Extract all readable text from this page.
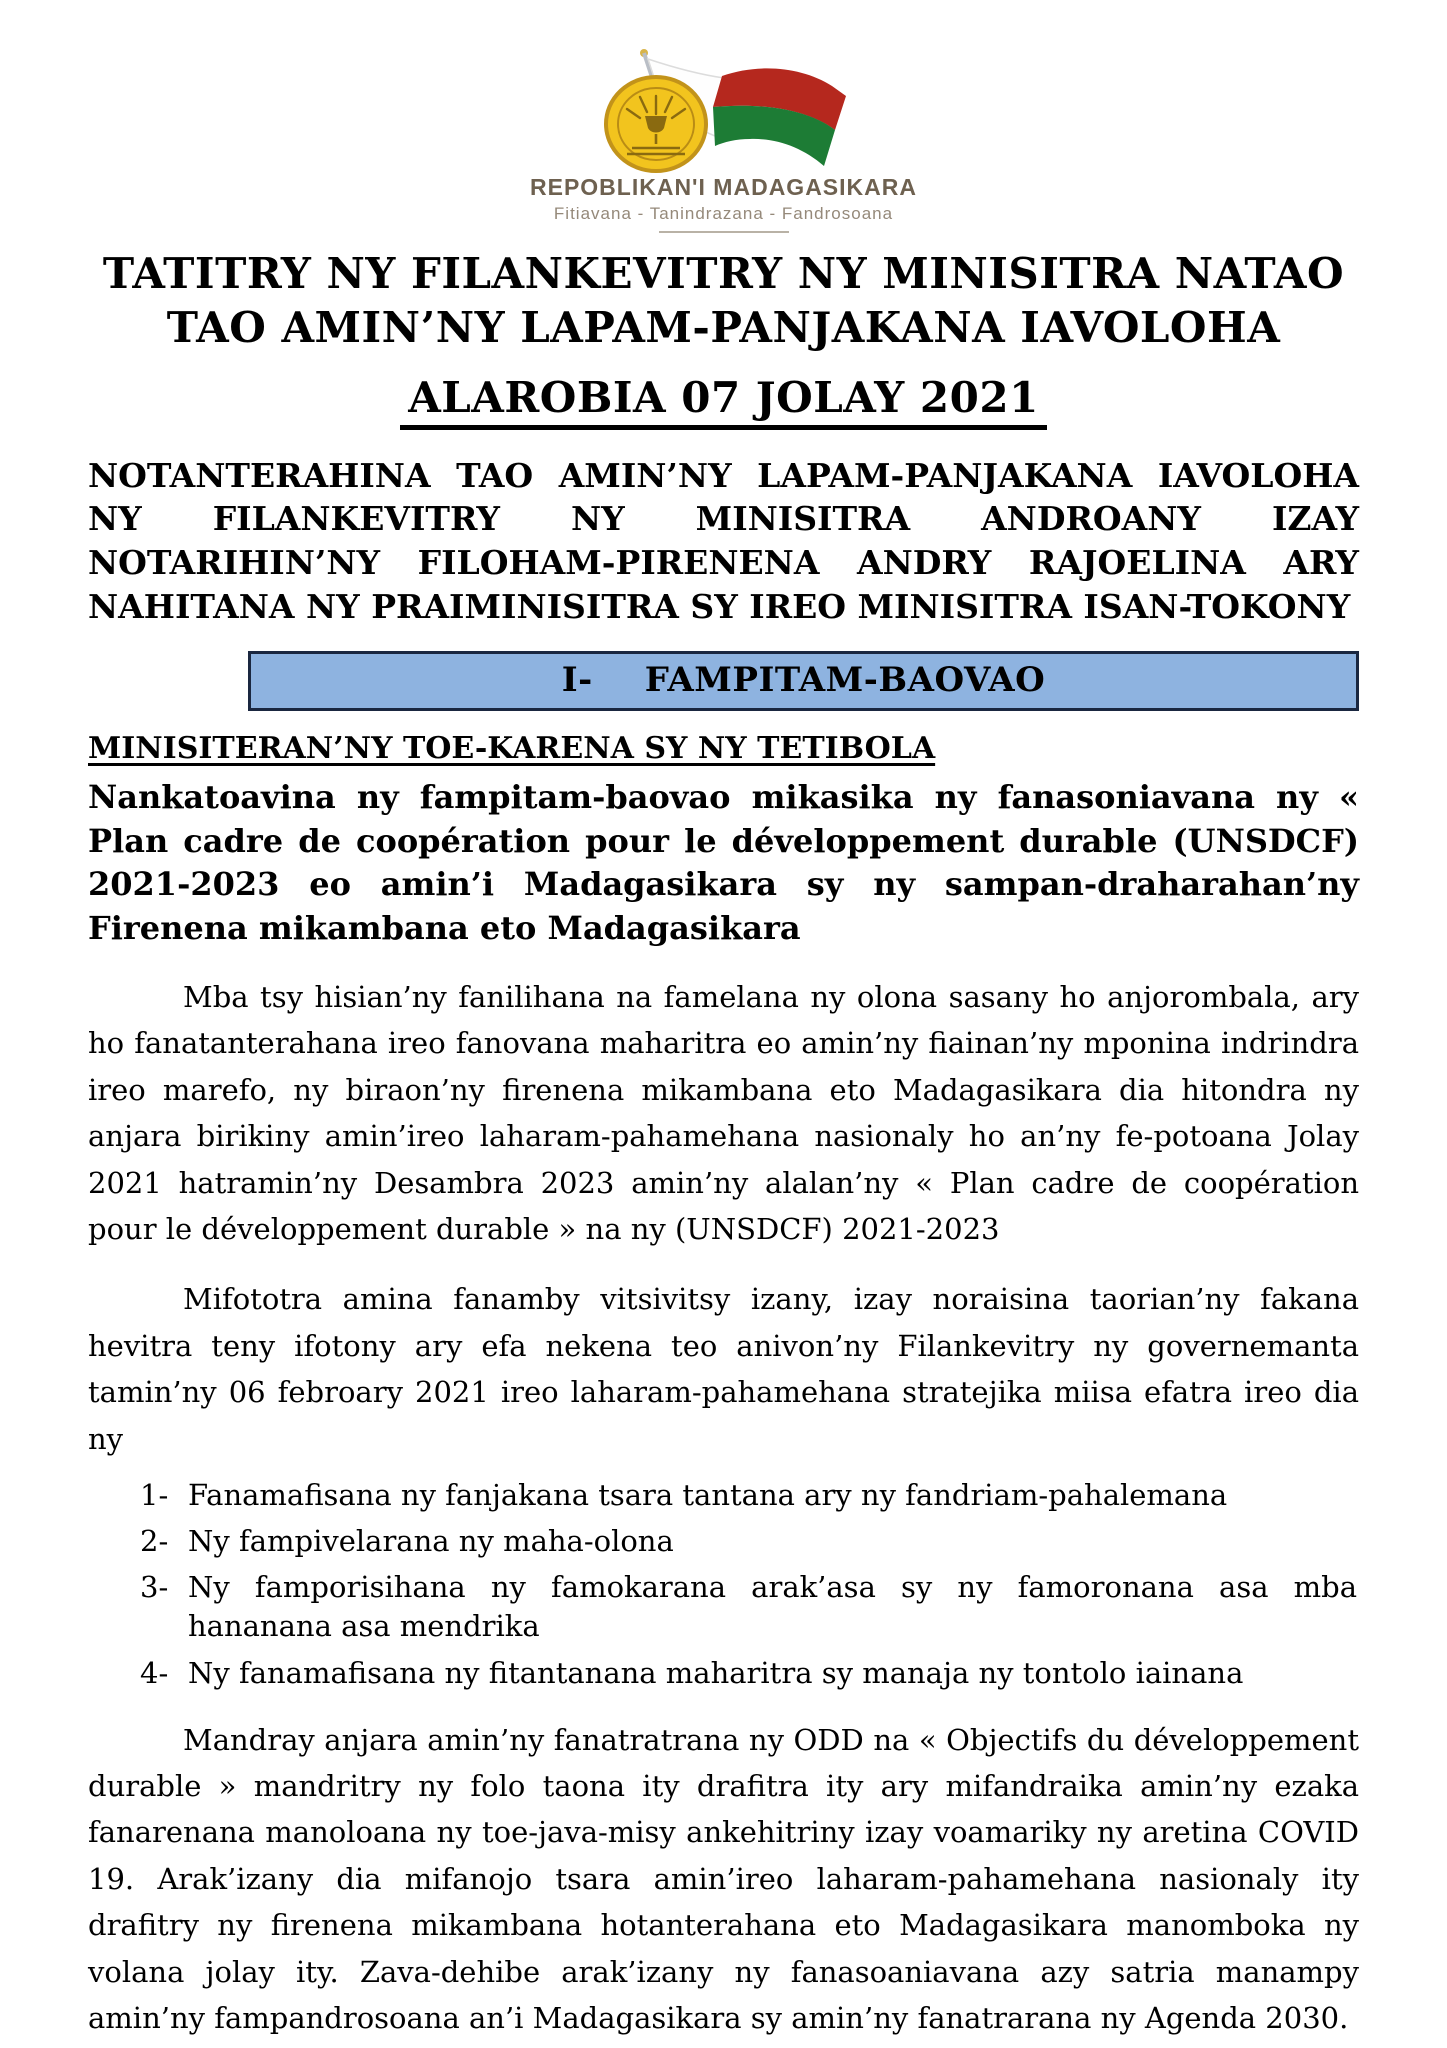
REPOBLIKAN'I MADAGASIKARA
Fitiavana - Tanindrazana - Fandrosoana
TATITRY NY FILANKEVITRY NY MINISITRA NATAO
TAO AMIN’NY LAPAM-PANJAKANA IAVOLOHA
ALAROBIA 07 JOLAY 2021

NOTANTERAHINA TAO AMIN’NY LAPAM-PANJAKANA IAVOLOHA NY FILANKEVITRY NY MINISITRA ANDROANY IZAY NOTARIHIN’NY FILOHAM-PIRENENA ANDRY RAJOELINA ARY NAHITANA NY PRAIMINISITRA SY IREO MINISITRA ISAN-TOKONY

I- FAMPITAM-BAOVAO
MINISITERAN’NY TOE-KARENA SY NY TETIBOLA

Nankatoavina ny fampitam-baovao mikasika ny fanasoniavana ny « Plan cadre de coopération pour le développement durable (UNSDCF) 2021-2023 eo amin’i Madagasikara sy ny sampan-draharahan’ny Firenena mikambana eto Madagasikara

Mba tsy hisian’ny fanilihana na famelana ny olona sasany ho anjorombala, ary ho fanatanterahana ireo fanovana maharitra eo amin’ny fiainan’ny mponina indrindra ireo marefo, ny biraon’ny firenena mikambana eto Madagasikara dia hitondra ny anjara birikiny amin’ireo laharam-pahamehana nasionaly ho an’ny fe-potoana Jolay 2021 hatramin’ny Desambra 2023 amin’ny alalan’ny « Plan cadre de coopération pour le développement durable » na ny (UNSDCF) 2021-2023

Mifototra amina fanamby vitsivitsy izany, izay noraisina taorian’ny fakana hevitra teny ifotony ary efa nekena teo anivon’ny Filankevitry ny governemanta tamin’ny 06 febroary 2021 ireo laharam-pahamehana stratejika miisa efatra ireo dia ny

1- Fanamafisana ny fanjakana tsara tantana ary ny fandriam-pahalemana
2- Ny fampivelarana ny maha-olona
3- Ny famporisihana ny famokarana arak’asa sy ny famoronana asa mba hananana asa mendrika
4- Ny fanamafisana ny fitantanana maharitra sy manaja ny tontolo iainana

Mandray anjara amin’ny fanatratrana ny ODD na « Objectifs du développement durable » mandritry ny folo taona ity drafitra ity ary mifandraika amin’ny ezaka fanarenana manoloana ny toe-java-misy ankehitriny izay voamariky ny aretina COVID 19. Arak’izany dia mifanojo tsara amin’ireo laharam-pahamehana nasionaly ity drafitry ny firenena mikambana hotanterahana eto Madagasikara manomboka ny volana jolay ity. Zava-dehibe arak’izany ny fanasoaniavana azy satria manampy amin’ny fampandrosoana an’i Madagasikara sy amin’ny fanatrarana ny Agenda 2030.
